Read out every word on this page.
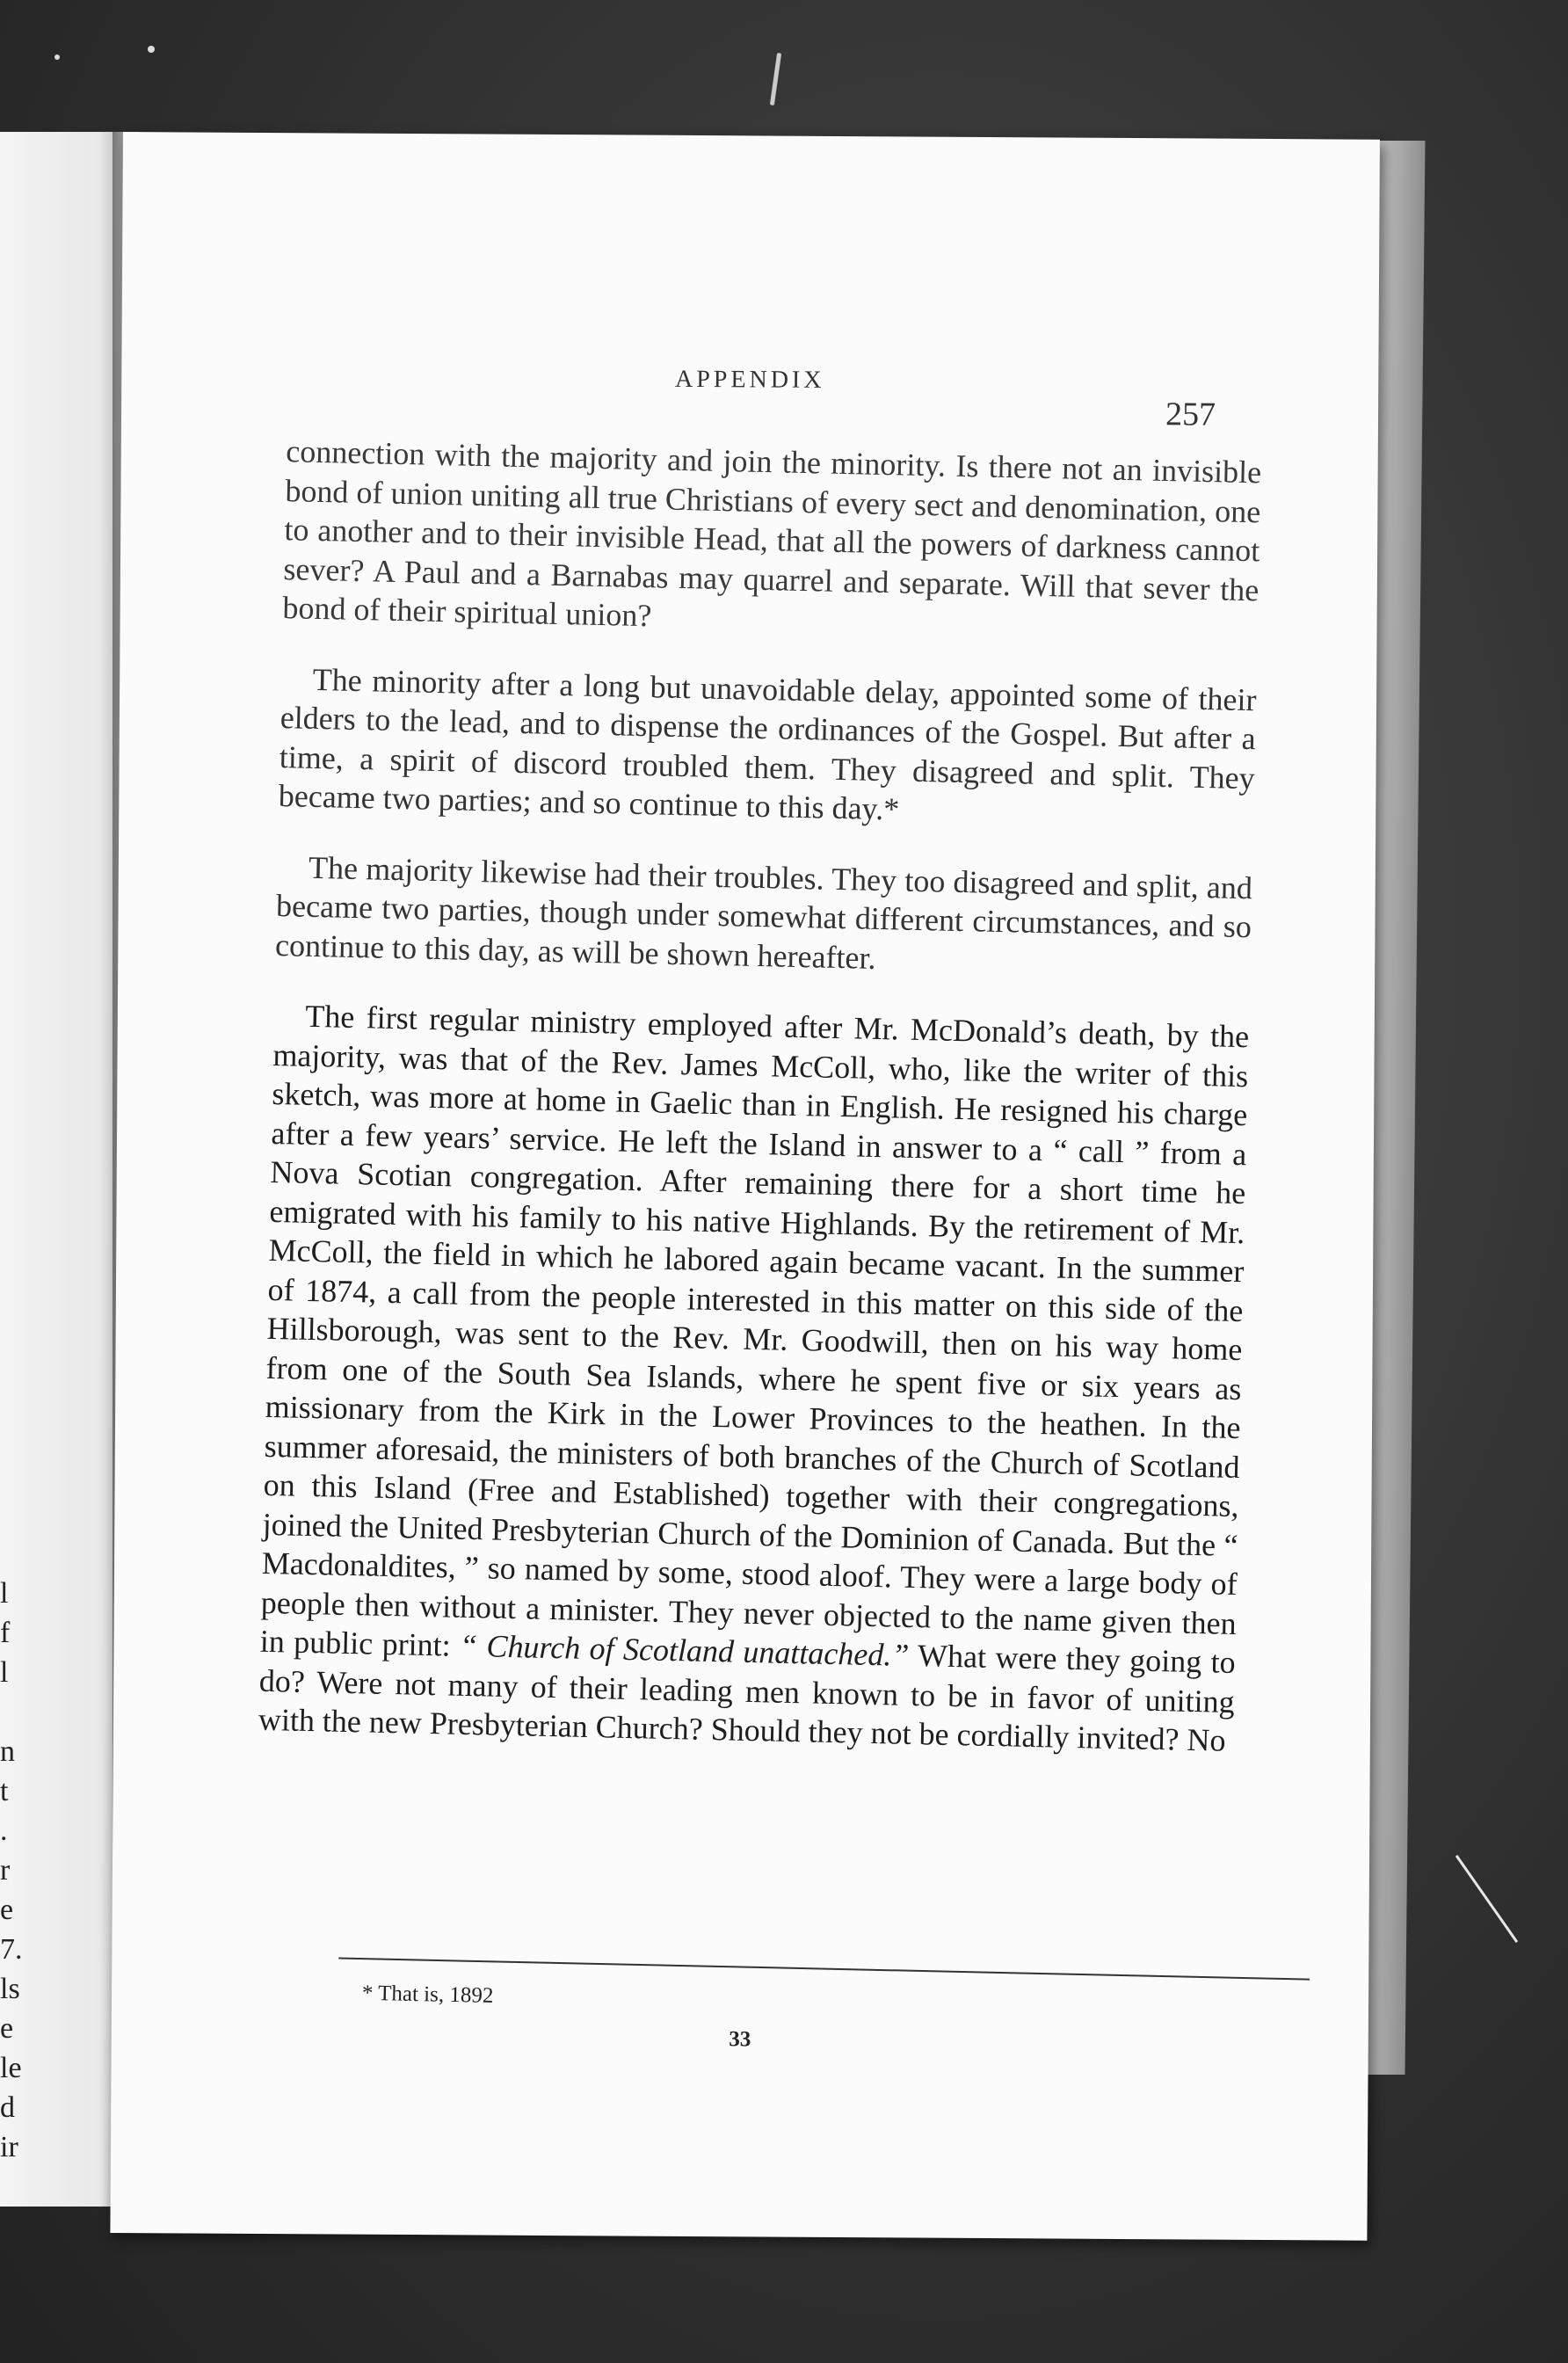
l
f
l
n
t
.
r
e
7.
ls
e
le
d
ir
APPENDIX
257

connection with the majority and join the minority. Is there not an invisible bond of union uniting all true Christians of every sect and denomination, one to another and to their invisible Head, that all the powers of darkness cannot sever? A Paul and a Barnabas may quarrel and separate. Will that sever the bond of their spiritual union?

The minority after a long but unavoidable delay, appointed some of their elders to the lead, and to dispense the ordinances of the Gospel. But after a time, a spirit of discord troubled them. They disagreed and split. They became two parties; and so continue to this day.*

The majority likewise had their troubles. They too disagreed and split, and became two parties, though under somewhat different circumstances, and so continue to this day, as will be shown hereafter.

The first regular ministry employed after Mr. McDonald’s death, by the majority, was that of the Rev. James McColl, who, like the writer of this sketch, was more at home in Gaelic than in English. He resigned his charge after a few years’ service. He left the Island in answer to a “ call ” from a Nova Scotian congregation. After remaining there for a short time he emigrated with his family to his native Highlands. By the retirement of Mr. McColl, the field in which he labored again became vacant. In the summer of 1874, a call from the people interested in this matter on this side of the Hillsborough, was sent to the Rev. Mr. Goodwill, then on his way home from one of the South Sea Islands, where he spent five or six years as missionary from the Kirk in the Lower Provinces to the heathen. In the summer aforesaid, the ministers of both branches of the Church of Scotland on this Island (Free and Established) together with their congregations, joined the United Presbyterian Church of the Dominion of Canada. But the “ Macdonaldites, ” so named by some, stood aloof. They were a large body of people then without a minister. They never objected to the name given then in public print: “ Church of Scotland unattached.” What were they going to do? Were not many of their leading men known to be in favor of uniting with the new Presbyterian Church? Should they not be cordially invited? No

* That is, 1892
33
